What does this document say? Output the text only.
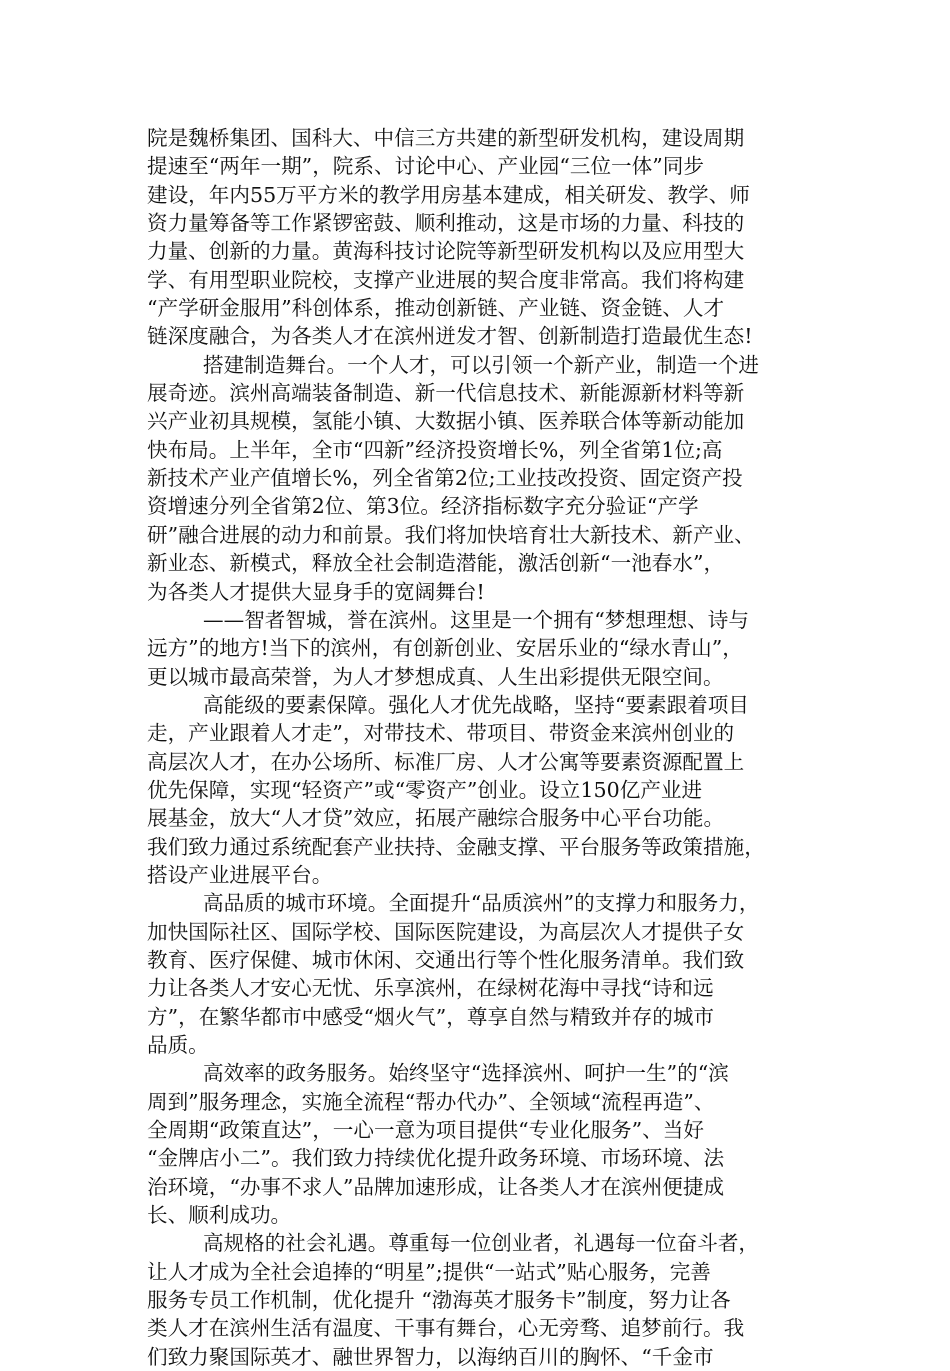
院是魏桥集团、国科大、中信三方共建的新型研发机构，建设周期
提速至“两年一期”，院系、讨论中心、产业园“三位一体”同步
建设，年内55万平方米的教学用房基本建成，相关研发、教学、师
资力量筹备等工作紧锣密鼓、顺利推动，这是市场的力量、科技的
力量、创新的力量。黄海科技讨论院等新型研发机构以及应用型大
学、有用型职业院校，支撑产业进展的契合度非常高。我们将构建
“产学研金服用”科创体系，推动创新链、产业链、资金链、人才
链深度融合，为各类人才在滨州迸发才智、创新制造打造最优生态!
搭建制造舞台。一个人才，可以引领一个新产业，制造一个进
展奇迹。滨州高端装备制造、新一代信息技术、新能源新材料等新
兴产业初具规模，氢能小镇、大数据小镇、医养联合体等新动能加
快布局。上半年，全市“四新”经济投资增长%，列全省第1位;高
新技术产业产值增长%，列全省第2位;工业技改投资、固定资产投
资增速分列全省第2位、第3位。经济指标数字充分验证“产学
研”融合进展的动力和前景。我们将加快培育壮大新技术、新产业、
新业态、新模式，释放全社会制造潜能，激活创新“一池春水”，
为各类人才提供大显身手的宽阔舞台!
——智者智城，誉在滨州。这里是一个拥有“梦想理想、诗与
远方”的地方!当下的滨州，有创新创业、安居乐业的“绿水青山”，
更以城市最高荣誉，为人才梦想成真、人生出彩提供无限空间。
高能级的要素保障。强化人才优先战略，坚持“要素跟着项目
走，产业跟着人才走”，对带技术、带项目、带资金来滨州创业的
高层次人才，在办公场所、标准厂房、人才公寓等要素资源配置上
优先保障，实现“轻资产”或“零资产”创业。设立150亿产业进
展基金，放大“人才贷”效应，拓展产融综合服务中心平台功能。
我们致力通过系统配套产业扶持、金融支撑、平台服务等政策措施，
搭设产业进展平台。
高品质的城市环境。全面提升“品质滨州”的支撑力和服务力，
加快国际社区、国际学校、国际医院建设，为高层次人才提供子女
教育、医疗保健、城市休闲、交通出行等个性化服务清单。我们致
力让各类人才安心无忧、乐享滨州，在绿树花海中寻找“诗和远
方”，在繁华都市中感受“烟火气”，尊享自然与精致并存的城市
品质。
高效率的政务服务。始终坚守“选择滨州、呵护一生”的“滨
周到”服务理念，实施全流程“帮办代办”、全领域“流程再造”、
全周期“政策直达”，一心一意为项目提供“专业化服务”、当好
“金牌店小二”。我们致力持续优化提升政务环境、市场环境、法
治环境，“办事不求人”品牌加速形成，让各类人才在滨州便捷成
长、顺利成功。
高规格的社会礼遇。尊重每一位创业者，礼遇每一位奋斗者，
让人才成为全社会追捧的“明星”;提供“一站式”贴心服务，完善
服务专员工作机制，优化提升 “渤海英才服务卡”制度，努力让各
类人才在滨州生活有温度、干事有舞台，心无旁骛、追梦前行。我
们致力聚国际英才、融世界智力，以海纳百川的胸怀、“千金市
